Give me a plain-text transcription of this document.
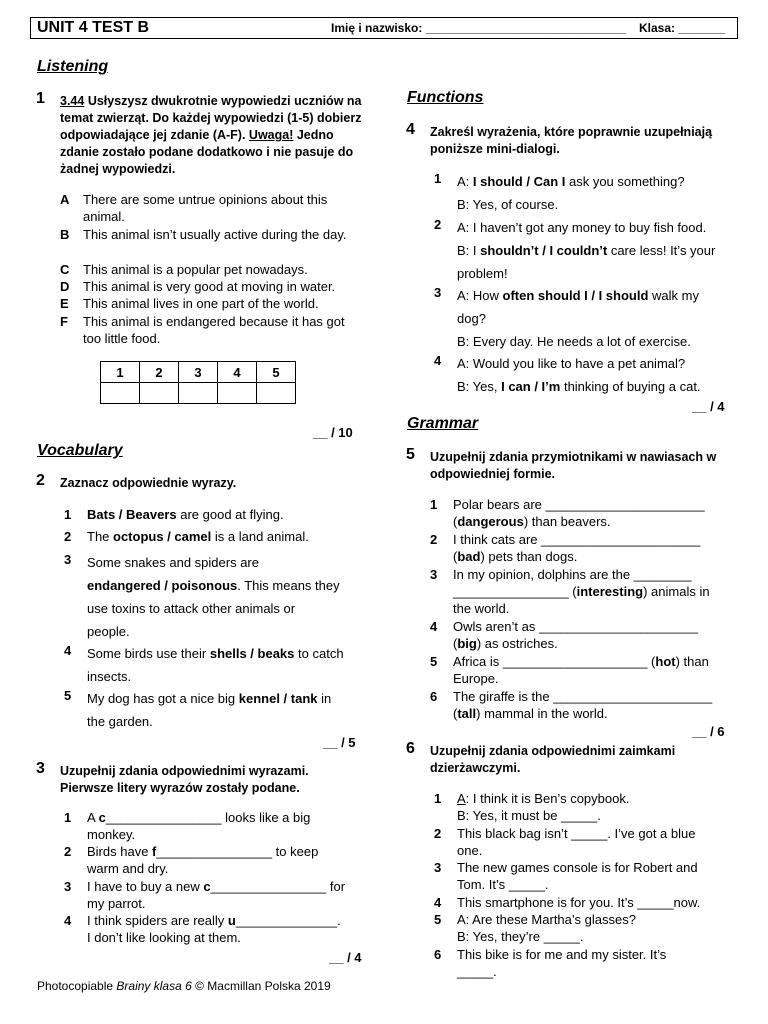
UNIT 4 TEST B	Imię i nazwisko: ______________________________ Klasa: _______
Listening
1 3.44 Usłyszysz dwukrotnie wypowiedzi uczniów na temat zwierząt. Do każdej wypowiedzi (1-5) dobierz odpowiadające jej zdanie (A-F). Uwaga! Jedno zdanie zostało podane dodatkowo i nie pasuje do żadnej wypowiedzi.
A There are some untrue opinions about this animal.
B This animal isn’t usually active during the day.
C This animal is a popular pet nowadays.
D This animal is very good at moving in water.
E This animal lives in one part of the world.
F This animal is endangered because it has got too little food.
1	2	3	4	5

__ / 10
Vocabulary
2 Zaznacz odpowiednie wyrazy.
1 Bats / Beavers are good at flying.
2 The octopus / camel is a land animal.
3 Some snakes and spiders are
endangered / poisonous. This means they
use toxins to attack other animals or
people.
4 Some birds use their shells / beaks to catch
insects.
5 My dog has got a nice big kennel / tank in
the garden.
__ / 5
3 Uzupełnij zdania odpowiednimi wyrazami. Pierwsze litery wyrazów zostały podane.
1 A c________________ looks like a big
monkey.
2 Birds have f________________ to keep
warm and dry.
3 I have to buy a new c________________ for
my parrot.
4 I think spiders are really u______________.
I don’t like looking at them.
__ / 4
Functions
4 Zakreśl wyrażenia, które poprawnie uzupełniają poniższe mini-dialogi.
1 A: I should / Can I ask you something?
B: Yes, of course.
2 A: I haven’t got any money to buy fish food.
B: I shouldn’t / I couldn’t care less! It’s your
problem!
3 A: How often should I / I should walk my
dog?
B: Every day. He needs a lot of exercise.
4 A: Would you like to have a pet animal?
B: Yes, I can / I’m thinking of buying a cat.
__ / 4
Grammar
5 Uzupełnij zdania przymiotnikami w nawiasach w odpowiedniej formie.
1 Polar bears are ______________________
(dangerous) than beavers.
2 I think cats are ______________________
(bad) pets than dogs.
3 In my opinion, dolphins are the ________
________________ (interesting) animals in
the world.
4 Owls aren’t as ______________________
(big) as ostriches.
5 Africa is ____________________ (hot) than
Europe.
6 The giraffe is the ______________________
(tall) mammal in the world.
__ / 6
6 Uzupełnij zdania odpowiednimi zaimkami dzierżawczymi.
1 A: I think it is Ben’s copybook.
B: Yes, it must be _____.
2 This black bag isn’t _____. I’ve got a blue
one.
3 The new games console is for Robert and
Tom. It’s _____.
4 This smartphone is for you. It’s _____now.
5 A: Are these Martha’s glasses?
B: Yes, they’re _____.
6 This bike is for me and my sister. It’s
_____.
Photocopiable Brainy klasa 6 © Macmillan Polska 2019
